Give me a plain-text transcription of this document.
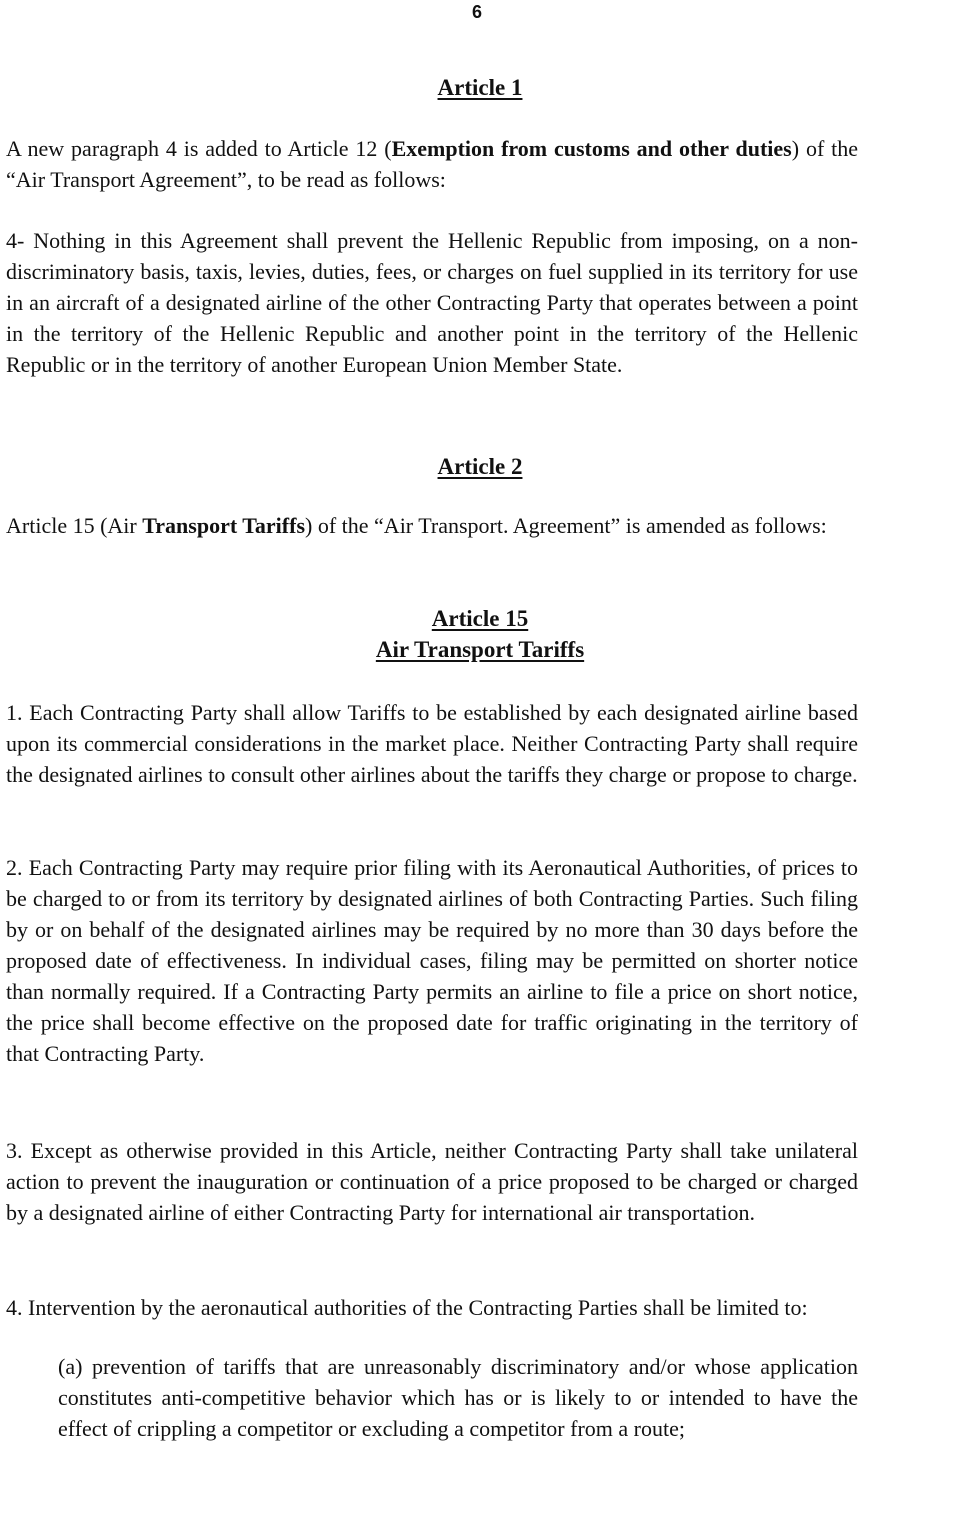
6
Article 1

A new paragraph 4 is added to Article 12 (Exemption from customs and other duties) of the “Air Transport Agreement”, to be read as follows:

4- Nothing in this Agreement shall prevent the Hellenic Republic from imposing, on a non-discriminatory basis, taxis, levies, duties, fees, or charges on fuel supplied in its territory for use in an aircraft of a designated airline of the other Contracting Party that operates between a point in the territory of the Hellenic Republic and another point in the territory of the Hellenic Republic or in the territory of another European Union Member State.

Article 2

Article 15 (Air Transport Tariffs) of the “Air Transport. Agreement” is amended as follows:

Article 15
Air Transport Tariffs

1. Each Contracting Party shall allow Tariffs to be established by each designated airline based upon its commercial considerations in the market place. Neither Contracting Party shall require the designated airlines to consult other airlines about the tariffs they charge or propose to charge.

2. Each Contracting Party may require prior filing with its Aeronautical Authorities, of prices to be charged to or from its territory by designated airlines of both Contracting Parties. Such filing by or on behalf of the designated airlines may be required by no more than 30 days before the proposed date of effectiveness. In individual cases, filing may be permitted on shorter notice than normally required. If a Contracting Party permits an airline to file a price on short notice, the price shall become effective on the proposed date for traffic originating in the territory of that Contracting Party.

3. Except as otherwise provided in this Article, neither Contracting Party shall take unilateral action to prevent the inauguration or continuation of a price proposed to be charged or charged by a designated airline of either Contracting Party for international air transportation.

4. Intervention by the aeronautical authorities of the Contracting Parties shall be limited to:

(a) prevention of tariffs that are unreasonably discriminatory and/or whose application constitutes anti-competitive behavior which has or is likely to or intended to have the effect of crippling a competitor or excluding a competitor from a route;
